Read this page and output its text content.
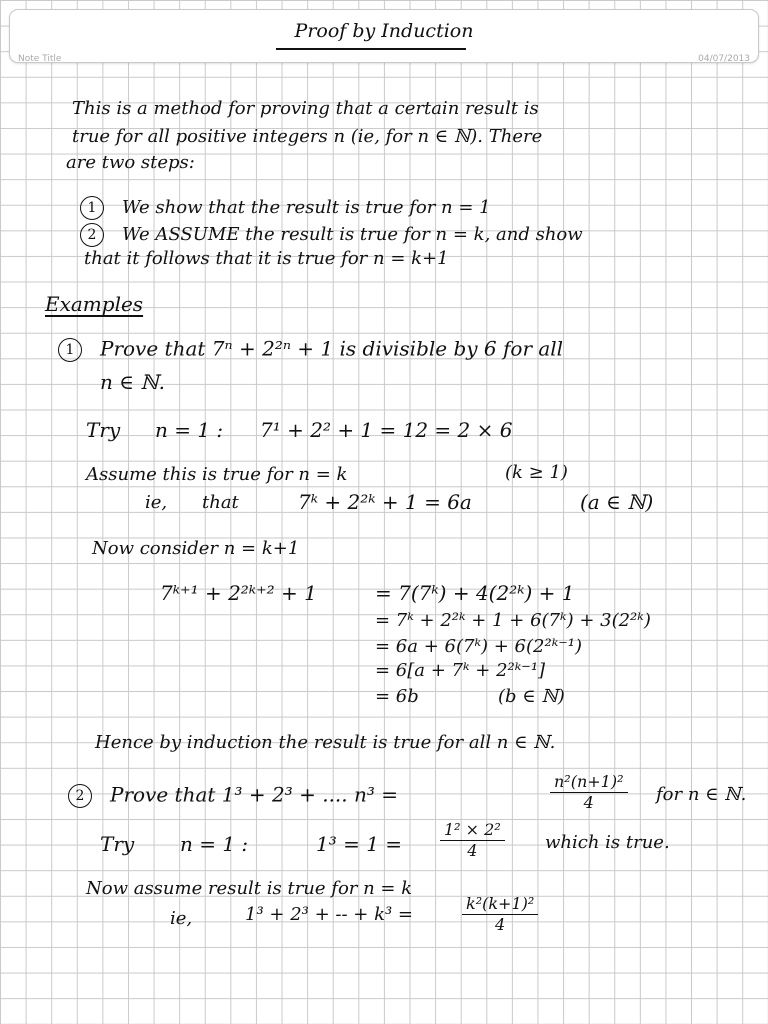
Note Title	04/07/2013
Proof by Induction
This is a method for proving that a certain result is
true for all positive integers n (ie, for n ∈ ℕ). There
are two steps:
1 We show that the result is true for n = 1
2 We ASSUME the result is true for n = k, and show
that it follows that it is true for n = k+1
Examples
1 Prove that 7ⁿ + 2²ⁿ + 1 is divisible by 6 for all
n ∈ ℕ.
Try n = 1 : 7¹ + 2² + 1 = 12 = 2 × 6
Assume this is true for n = k	(k ≥ 1)
ie, that	7ᵏ + 2²ᵏ + 1 = 6a	(a ∈ ℕ)
Now consider n = k+1
7ᵏ⁺¹ + 2²ᵏ⁺² + 1	= 7(7ᵏ) + 4(2²ᵏ) + 1
= 7ᵏ + 2²ᵏ + 1 + 6(7ᵏ) + 3(2²ᵏ)
= 6a + 6(7ᵏ) + 6(2²ᵏ⁻¹)
= 6[a + 7ᵏ + 2²ᵏ⁻¹]
= 6b	(b ∈ ℕ)
Hence by induction the result is true for all n ∈ ℕ.
2 Prove that 1³ + 2³ + .... n³ =	$\frac{\text{n²(n+1)²}}{4}$ for n ∈ ℕ.
Try n = 1 :	$1^3 = 1 = \frac{\text{1² × 2²}}{4}$ which is true.
Now assume result is true for n = k
ie,	1³ + 2³ + -- + k³ =	$\frac{\text{k²(k+1)²}}{4}$
